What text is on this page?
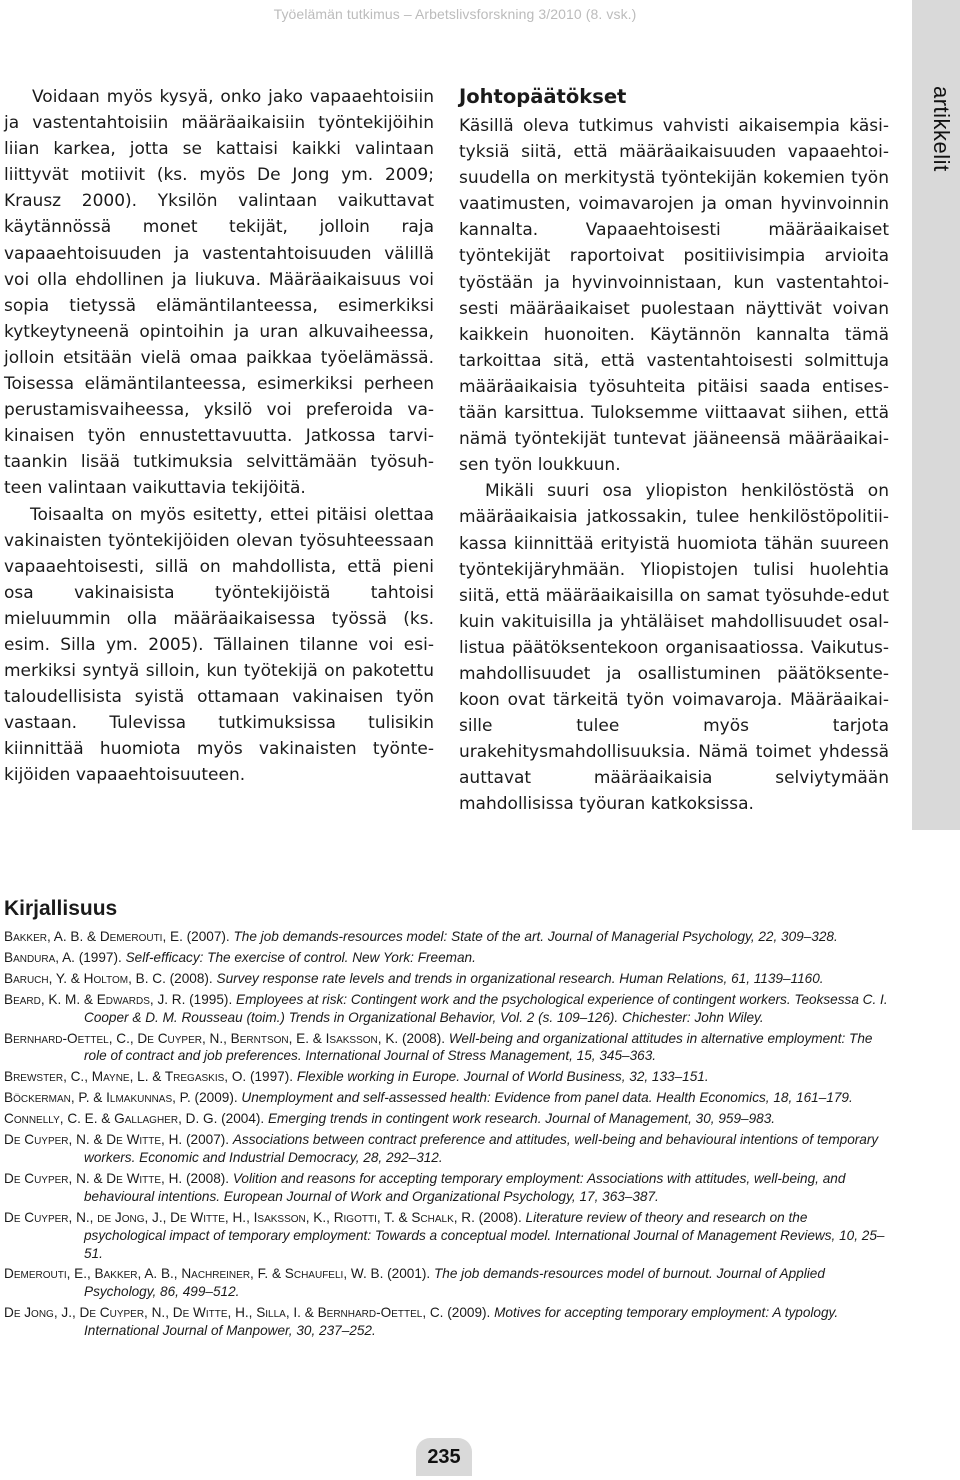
Työelämän tutkimus – Arbetslivsforskning 3/2010 (8. vsk.)
artikkelit

Voidaan myös kysyä, onko jako vapaaehtoisiin ja vastentahtoisiin määräaikaisiin työntekijöihin liian karkea, jotta se kattaisi kaikki valintaan liittyvät motiivit (ks. myös De Jong ym. 2009; Krausz 2000). Yksilön valintaan vaikuttavat käytännössä monet tekijät, jolloin raja vapaaehtoisuuden ja vastentahtoisuuden välillä voi olla ehdollinen ja liukuva. Määräaikaisuus voi sopia tietyssä elämäntilanteessa, esimerkiksi kytkeytyneenä opintoihin ja uran alkuvaiheessa, jolloin etsitään vielä omaa paikkaa työelämässä. Toisessa elämäntilanteessa, esimerkiksi perheen perustamisvaiheessa, yksilö voi preferoida vakinaisen työn ennustettavuutta. Jatkossa tarvitaankin lisää tutkimuksia selvittämään työsuhteen valintaan vaikuttavia tekijöitä.

Toisaalta on myös esitetty, ettei pitäisi olettaa vakinaisten työntekijöiden olevan työsuhteessaan vapaaehtoisesti, sillä on mahdollista, että pieni osa vakinaisista työntekijöistä tahtoisi mieluummin olla määräaikaisessa työssä (ks. esim. Silla ym. 2005). Tällainen tilanne voi esimerkiksi syntyä silloin, kun työtekijä on pakotettu taloudellisista syistä ottamaan vakinaisen työn vastaan. Tulevissa tutkimuksissa tulisikin kiinnittää huomiota myös vakinaisten työntekijöiden vapaaehtoisuuteen.

Johtopäätökset

Käsillä oleva tutkimus vahvisti aikaisempia käsityksiä siitä, että määräaikaisuuden vapaaehtoisuudella on merkitystä työntekijän kokemien työn vaatimusten, voimavarojen ja oman hyvinvoinnin kannalta. Vapaaehtoisesti määräaikaiset työntekijät raportoivat positiivisimpia arvioita työstään ja hyvinvoinnistaan, kun vastentahtoisesti määräaikaiset puolestaan näyttivät voivan kaikkein huonoiten. Käytännön kannalta tämä tarkoittaa sitä, että vastentahtoisesti solmittuja määräaikaisia työsuhteita pitäisi saada entisestään karsittua. Tuloksemme viittaavat siihen, että nämä työntekijät tuntevat jääneensä määräaikaisen työn loukkuun.

Mikäli suuri osa yliopiston henkilöstöstä on määräaikaisia jatkossakin, tulee henkilöstöpolitiikassa kiinnittää erityistä huomiota tähän suureen työntekijäryhmään. Yliopistojen tulisi huolehtia siitä, että määräaikaisilla on samat työsuhde-edut kuin vakituisilla ja yhtäläiset mahdollisuudet osallistua päätöksentekoon organisaatiossa. Vaikutusmahdollisuudet ja osallistuminen päätöksentekoon ovat tärkeitä työn voimavaroja. Määräaikaisille tulee myös tarjota urakehitysmahdollisuuksia. Nämä toimet yhdessä auttavat määräaikaisia selviytymään mahdollisissa työuran katkoksissa.

Kirjallisuus
Bakker, A. B. & Demerouti, E. (2007). The job demands-resources model: State of the art. Journal of Managerial Psychology, 22, 309–328.
Bandura, A. (1997). Self-efficacy: The exercise of control. New York: Freeman.
Baruch, Y. & Holtom, B. C. (2008). Survey response rate levels and trends in organizational research. Human Relations, 61, 1139–1160.
Beard, K. M. & Edwards, J. R. (1995). Employees at risk: Contingent work and the psychological experience of contingent workers. Teoksessa C. I. Cooper & D. M. Rousseau (toim.) Trends in Organizational Behavior, Vol. 2 (s. 109–126). Chichester: John Wiley.
Bernhard-Oettel, C., De Cuyper, N., Berntson, E. & Isaksson, K. (2008). Well-being and organizational attitudes in alternative employment: The role of contract and job preferences. International Journal of Stress Management, 15, 345–363.
Brewster, C., Mayne, L. & Tregaskis, O. (1997). Flexible working in Europe. Journal of World Business, 32, 133–151.
Böckerman, P. & Ilmakunnas, P. (2009). Unemployment and self-assessed health: Evidence from panel data. Health Economics, 18, 161–179.
Connelly, C. E. & Gallagher, D. G. (2004). Emerging trends in contingent work research. Journal of Management, 30, 959–983.
De Cuyper, N. & De Witte, H. (2007). Associations between contract preference and attitudes, well-being and behavioural intentions of temporary workers. Economic and Industrial Democracy, 28, 292–312.
De Cuyper, N. & De Witte, H. (2008). Volition and reasons for accepting temporary employment: Associations with attitudes, well-being, and behavioural intentions. European Journal of Work and Organizational Psychology, 17, 363–387.
De Cuyper, N., de Jong, J., De Witte, H., Isaksson, K., Rigotti, T. & Schalk, R. (2008). Literature review of theory and research on the psychological impact of temporary employment: Towards a conceptual model. International Journal of Management Reviews, 10, 25–51.
Demerouti, E., Bakker, A. B., Nachreiner, F. & Schaufeli, W. B. (2001). The job demands-resources model of burnout. Journal of Applied Psychology, 86, 499–512.
De Jong, J., De Cuyper, N., De Witte, H., Silla, I. & Bernhard-Oettel, C. (2009). Motives for accepting temporary employment: A typology. International Journal of Manpower, 30, 237–252.
235
